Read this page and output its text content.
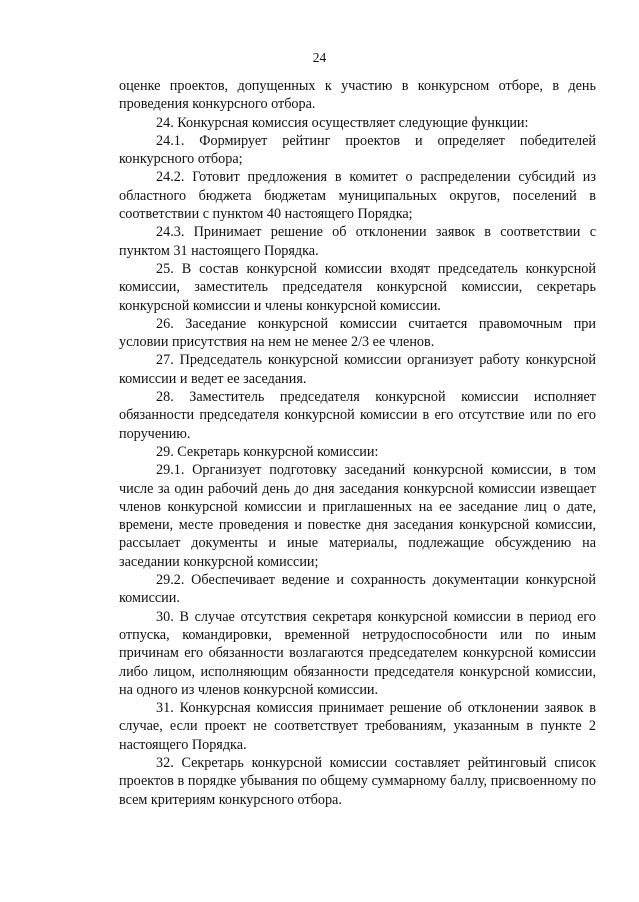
24

оценке проектов, допущенных к участию в конкурсном отборе, в день проведения конкурсного отбора.

24. Конкурсная комиссия осуществляет следующие функции:

24.1. Формирует рейтинг проектов и определяет победителей конкурсного отбора;

24.2. Готовит предложения в комитет о распределении субсидий из областного бюджета бюджетам муниципальных округов, поселений в соответствии с пунктом 40 настоящего Порядка;

24.3. Принимает решение об отклонении заявок в соответствии с пунктом 31 настоящего Порядка.

25. В состав конкурсной комиссии входят председатель конкурсной комиссии, заместитель председателя конкурсной комиссии, секретарь конкурсной комиссии и члены конкурсной комиссии.

26. Заседание конкурсной комиссии считается правомочным при условии присутствия на нем не менее 2/3 ее членов.

27. Председатель конкурсной комиссии организует работу конкурсной комиссии и ведет ее заседания.

28. Заместитель председателя конкурсной комиссии исполняет обязанности председателя конкурсной комиссии в его отсутствие или по его поручению.

29. Секретарь конкурсной комиссии:

29.1. Организует подготовку заседаний конкурсной комиссии, в том числе за один рабочий день до дня заседания конкурсной комиссии извещает членов конкурсной комиссии и приглашенных на ее заседание лиц о дате, времени, месте проведения и повестке дня заседания конкурсной комиссии, рассылает документы и иные материалы, подлежащие обсуждению на заседании конкурсной комиссии;

29.2. Обеспечивает ведение и сохранность документации конкурсной комиссии.

30. В случае отсутствия секретаря конкурсной комиссии в период его отпуска, командировки, временной нетрудоспособности или по иным причинам его обязанности возлагаются председателем конкурсной комиссии либо лицом, исполняющим обязанности председателя конкурсной комиссии, на одного из членов конкурсной комиссии.

31. Конкурсная комиссия принимает решение об отклонении заявок в случае, если проект не соответствует требованиям, указанным в пункте 2 настоящего Порядка.

32. Секретарь конкурсной комиссии составляет рейтинговый список проектов в порядке убывания по общему суммарному баллу, присвоенному по всем критериям конкурсного отбора.
